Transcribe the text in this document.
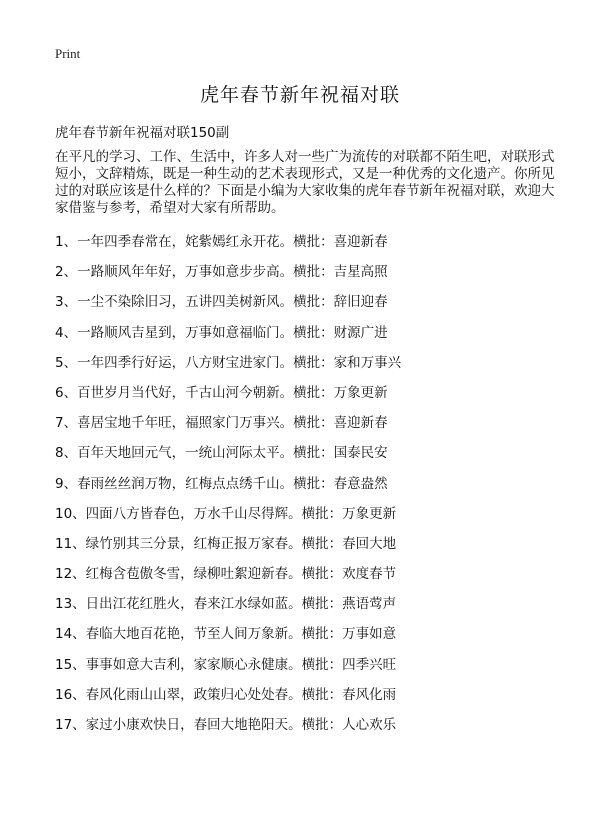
Print
虎年春节新年祝福对联
虎年春节新年祝福对联150副

在平凡的学习、工作、生活中，许多人对一些广为流传的对联都不陌生吧，对联形式短小，文辞精炼，既是一种生动的艺术表现形式，又是一种优秀的文化遗产。你所见过的对联应该是什么样的？下面是小编为大家收集的虎年春节新年祝福对联，欢迎大家借鉴与参考，希望对大家有所帮助。

1、一年四季春常在，姹紫嫣红永开花。横批：喜迎新春
2、一路顺风年年好，万事如意步步高。横批：吉星高照
3、一尘不染除旧习，五讲四美树新风。横批：辞旧迎春
4、一路顺风吉星到，万事如意福临门。横批：财源广进
5、一年四季行好运，八方财宝进家门。横批：家和万事兴
6、百世岁月当代好，千古山河今朝新。横批：万象更新
7、喜居宝地千年旺，福照家门万事兴。横批：喜迎新春
8、百年天地回元气，一统山河际太平。横批：国泰民安
9、春雨丝丝润万物，红梅点点绣千山。横批：春意盎然
10、四面八方皆春色，万水千山尽得辉。横批：万象更新
11、绿竹别其三分景，红梅正报万家春。横批：春回大地
12、红梅含苞傲冬雪，绿柳吐絮迎新春。横批：欢度春节
13、日出江花红胜火，春来江水绿如蓝。横批：燕语莺声
14、春临大地百花艳，节至人间万象新。横批：万事如意
15、事事如意大吉利，家家顺心永健康。横批：四季兴旺
16、春风化雨山山翠，政策归心处处春。横批：春风化雨
17、家过小康欢快日，春回大地艳阳天。横批：人心欢乐
